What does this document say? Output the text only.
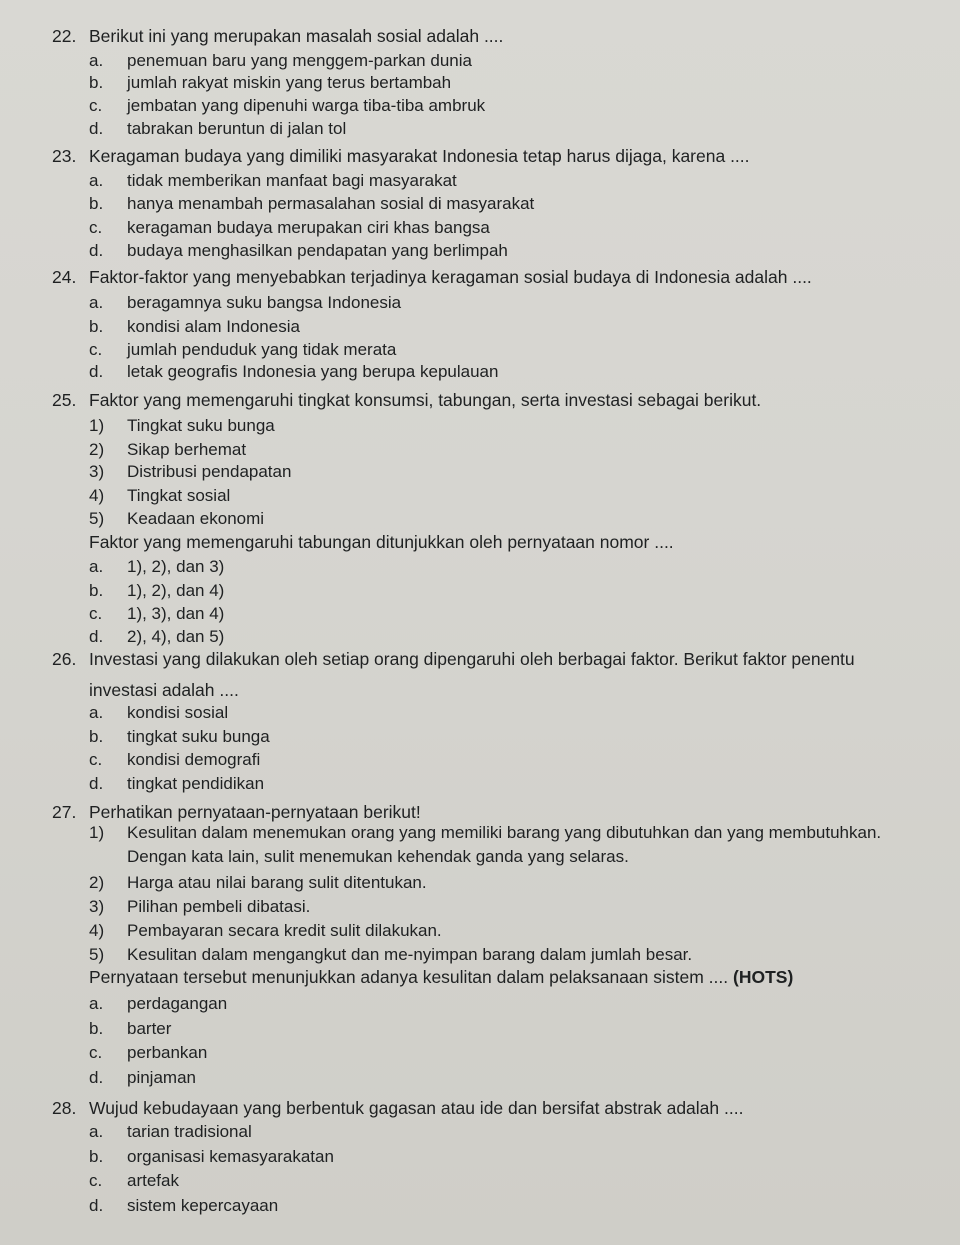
22. Berikut ini yang merupakan masalah sosial adalah ....
a. penemuan baru yang menggem-parkan dunia
b. jumlah rakyat miskin yang terus bertambah
c. jembatan yang dipenuhi warga tiba-tiba ambruk
d. tabrakan beruntun di jalan tol
23. Keragaman budaya yang dimiliki masyarakat Indonesia tetap harus dijaga, karena ....
a. tidak memberikan manfaat bagi masyarakat
b. hanya menambah permasalahan sosial di masyarakat
c. keragaman budaya merupakan ciri khas bangsa
d. budaya menghasilkan pendapatan yang berlimpah
24. Faktor-faktor yang menyebabkan terjadinya keragaman sosial budaya di Indonesia adalah ....
a. beragamnya suku bangsa Indonesia
b. kondisi alam Indonesia
c. jumlah penduduk yang tidak merata
d. letak geografis Indonesia yang berupa kepulauan
25. Faktor yang memengaruhi tingkat konsumsi, tabungan, serta investasi sebagai berikut.
1) Tingkat suku bunga
2) Sikap berhemat
3) Distribusi pendapatan
4) Tingkat sosial
5) Keadaan ekonomi
Faktor yang memengaruhi tabungan ditunjukkan oleh pernyataan nomor ....
a. 1), 2), dan 3)
b. 1), 2), dan 4)
c. 1), 3), dan 4)
d. 2), 4), dan 5)
26. Investasi yang dilakukan oleh setiap orang dipengaruhi oleh berbagai faktor. Berikut faktor penentu
investasi adalah ....
a. kondisi sosial
b. tingkat suku bunga
c. kondisi demografi
d. tingkat pendidikan
27. Perhatikan pernyataan-pernyataan berikut!
1) Kesulitan dalam menemukan orang yang memiliki barang yang dibutuhkan dan yang membutuhkan.
Dengan kata lain, sulit menemukan kehendak ganda yang selaras.
2) Harga atau nilai barang sulit ditentukan.
3) Pilihan pembeli dibatasi.
4) Pembayaran secara kredit sulit dilakukan.
5) Kesulitan dalam mengangkut dan me-nyimpan barang dalam jumlah besar.
Pernyataan tersebut menunjukkan adanya kesulitan dalam pelaksanaan sistem .... (HOTS)
a. perdagangan
b. barter
c. perbankan
d. pinjaman
28. Wujud kebudayaan yang berbentuk gagasan atau ide dan bersifat abstrak adalah ....
a. tarian tradisional
b. organisasi kemasyarakatan
c. artefak
d. sistem kepercayaan
